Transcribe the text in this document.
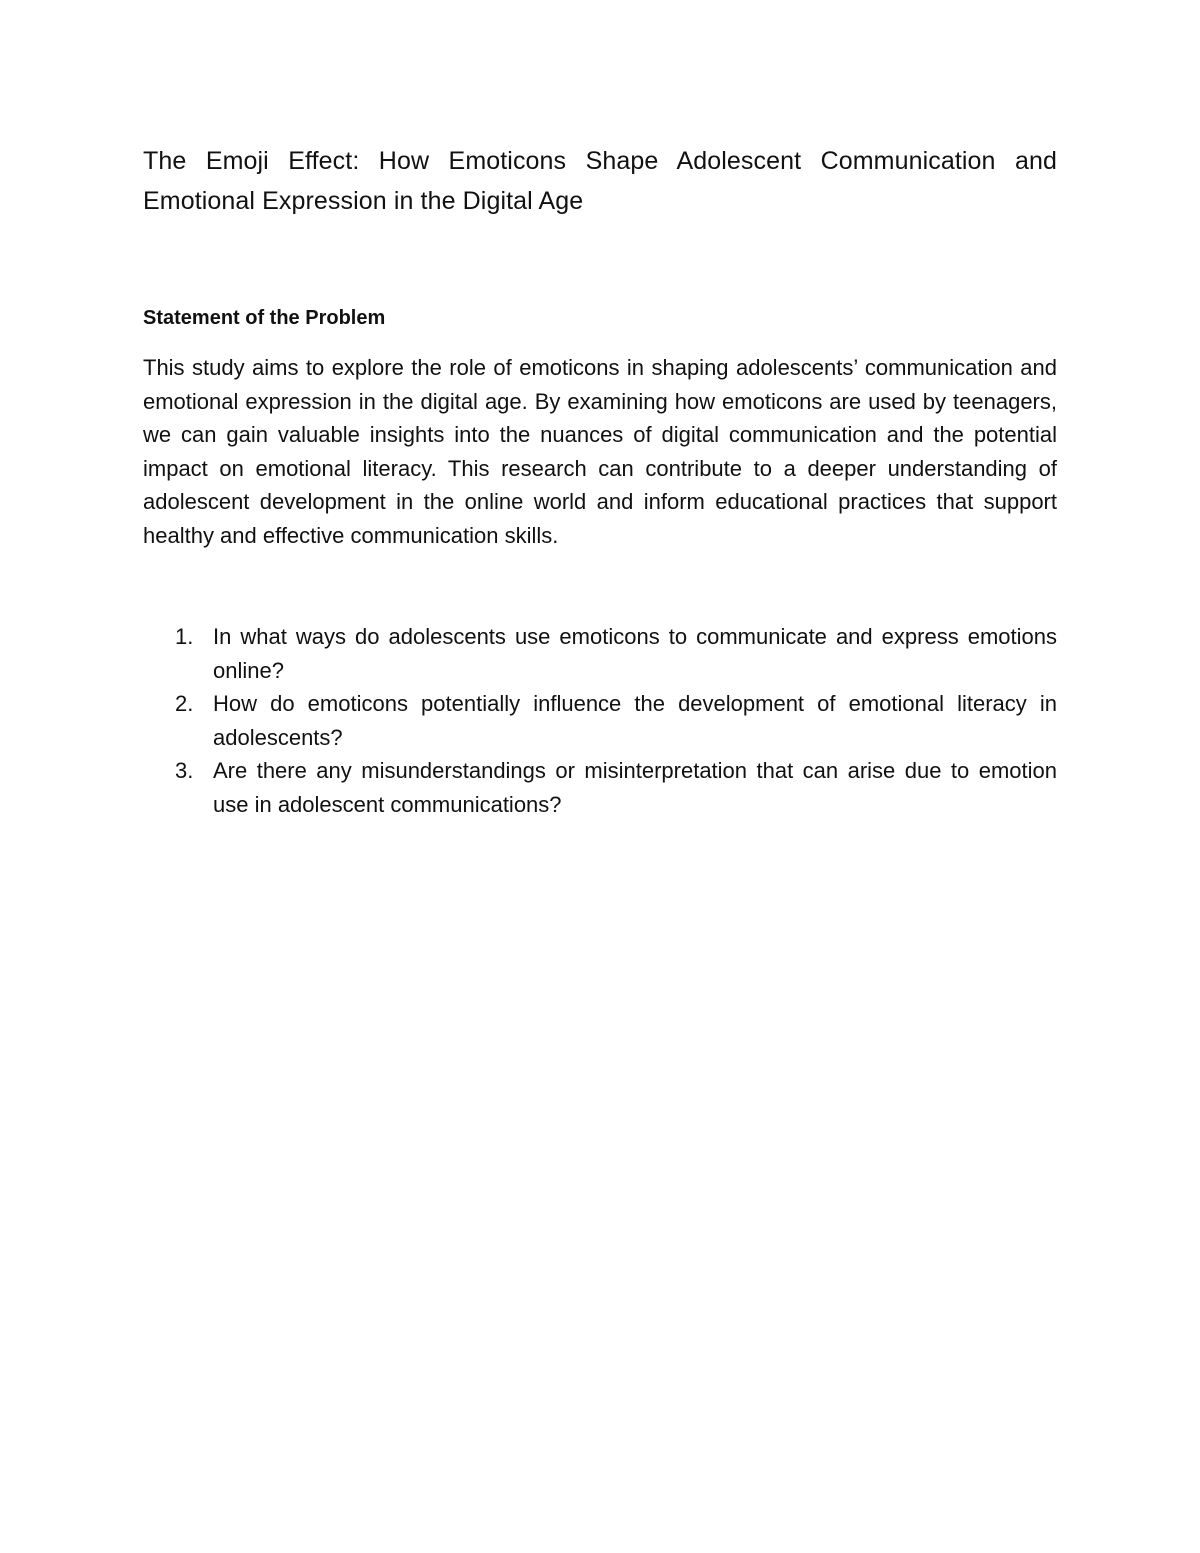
The Emoji Effect: How Emoticons Shape Adolescent Communication and Emotional Expression in the Digital Age
Statement of the Problem

This study aims to explore the role of emoticons in shaping adolescents’ communication and emotional expression in the digital age. By examining how emoticons are used by teenagers, we can gain valuable insights into the nuances of digital communication and the potential impact on emotional literacy. This research can contribute to a deeper understanding of adolescent development in the online world and inform educational practices that support healthy and effective communication skills.

1. In what ways do adolescents use emoticons to communicate and express emotions online?
2. How do emoticons potentially influence the development of emotional literacy in adolescents?
3. Are there any misunderstandings or misinterpretation that can arise due to emotion use in adolescent communications?
